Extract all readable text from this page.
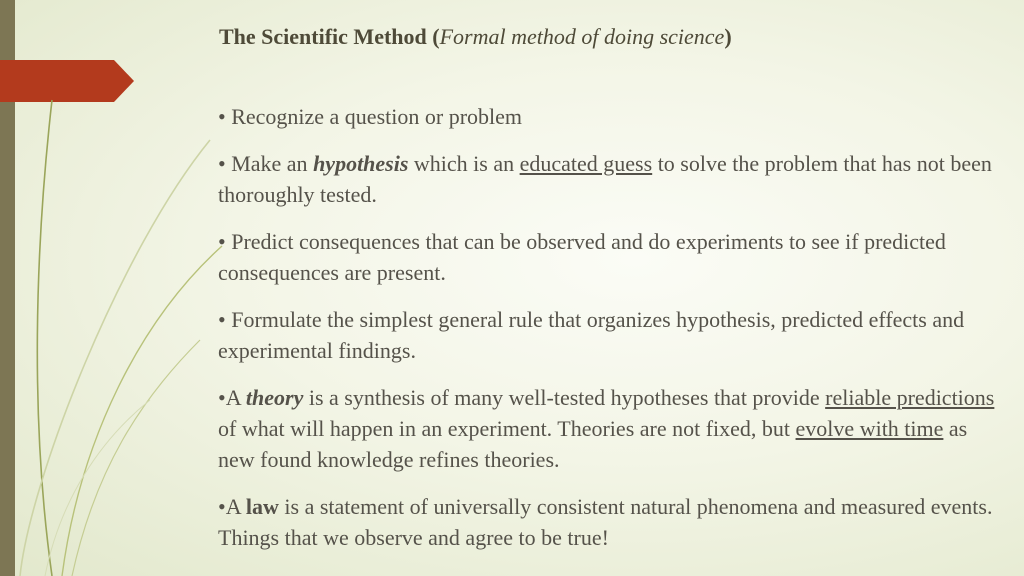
The Scientific Method (Formal method of doing science)

• Recognize a question or problem

• Make an hypothesis which is an educated guess to solve the problem that has not been thoroughly tested.

• Predict consequences that can be observed and do experiments to see if predicted consequences are present.

• Formulate the simplest general rule that organizes hypothesis, predicted effects and experimental findings.

•A theory is a synthesis of many well-tested hypotheses that provide reliable predictions of what will happen in an experiment. Theories are not fixed, but evolve with time as new found knowledge refines theories.

•A law is a statement of universally consistent natural phenomena and measured events. Things that we observe and agree to be true!
